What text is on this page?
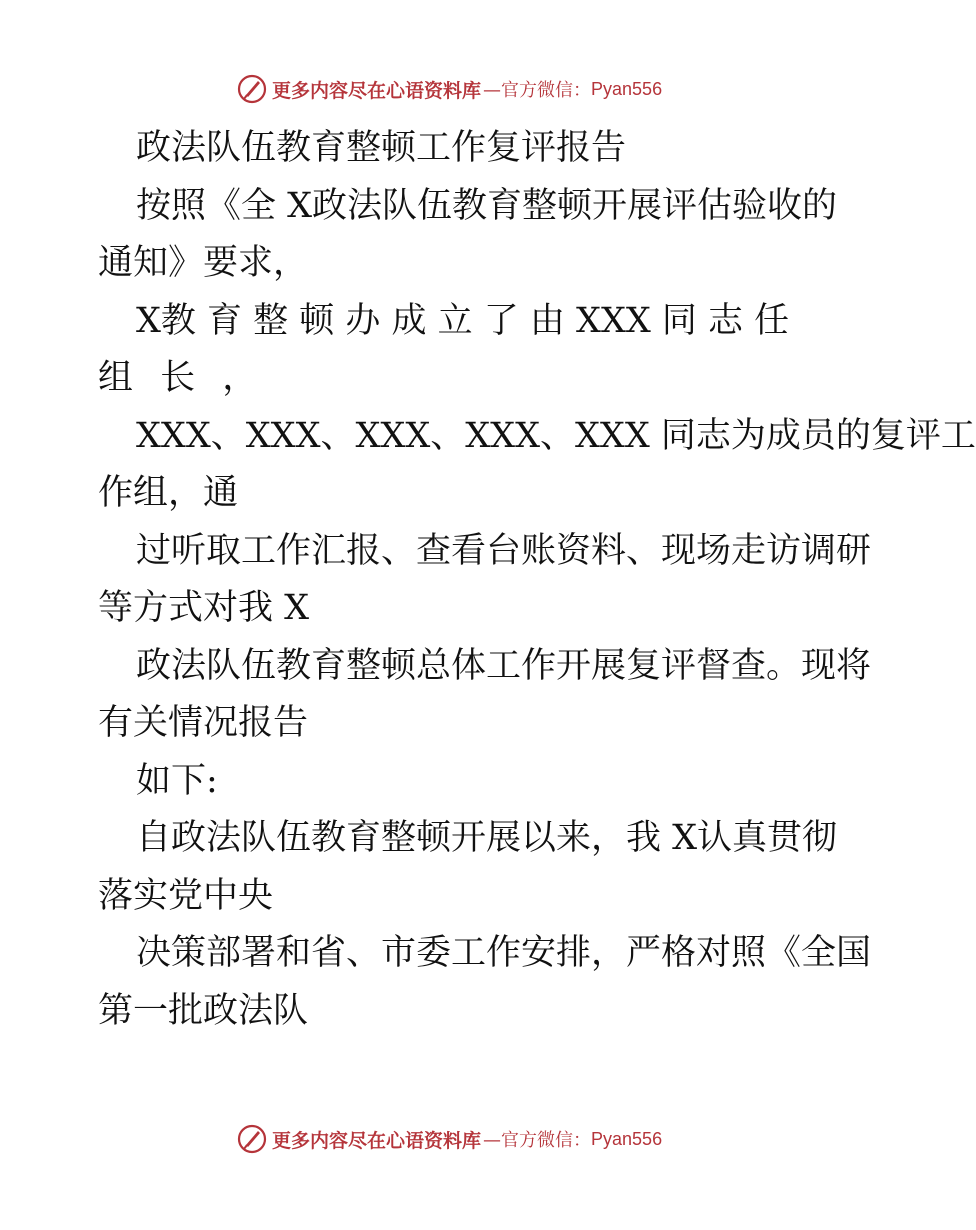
更多内容尽在心语资料库 —官方微信： Pyan556
政法队伍教育整顿工作复评报告
按照《全 X政法队伍教育整顿开展评估验收的
通知》要求，
X教 育 整 顿 办 成 立 了 由 XXX 同 志 任
组 长 ，
XXX、XXX、XXX、XXX、XXX 同志为成员的复评工
作组，通
过听取工作汇报、查看台账资料、现场走访调研
等方式对我 X
政法队伍教育整顿总体工作开展复评督查。现将
有关情况报告
如下:
自政法队伍教育整顿开展以来，我 X认真贯彻
落实党中央
决策部署和省、市委工作安排，严格对照《全国
第一批政法队
更多内容尽在心语资料库 —官方微信： Pyan556
